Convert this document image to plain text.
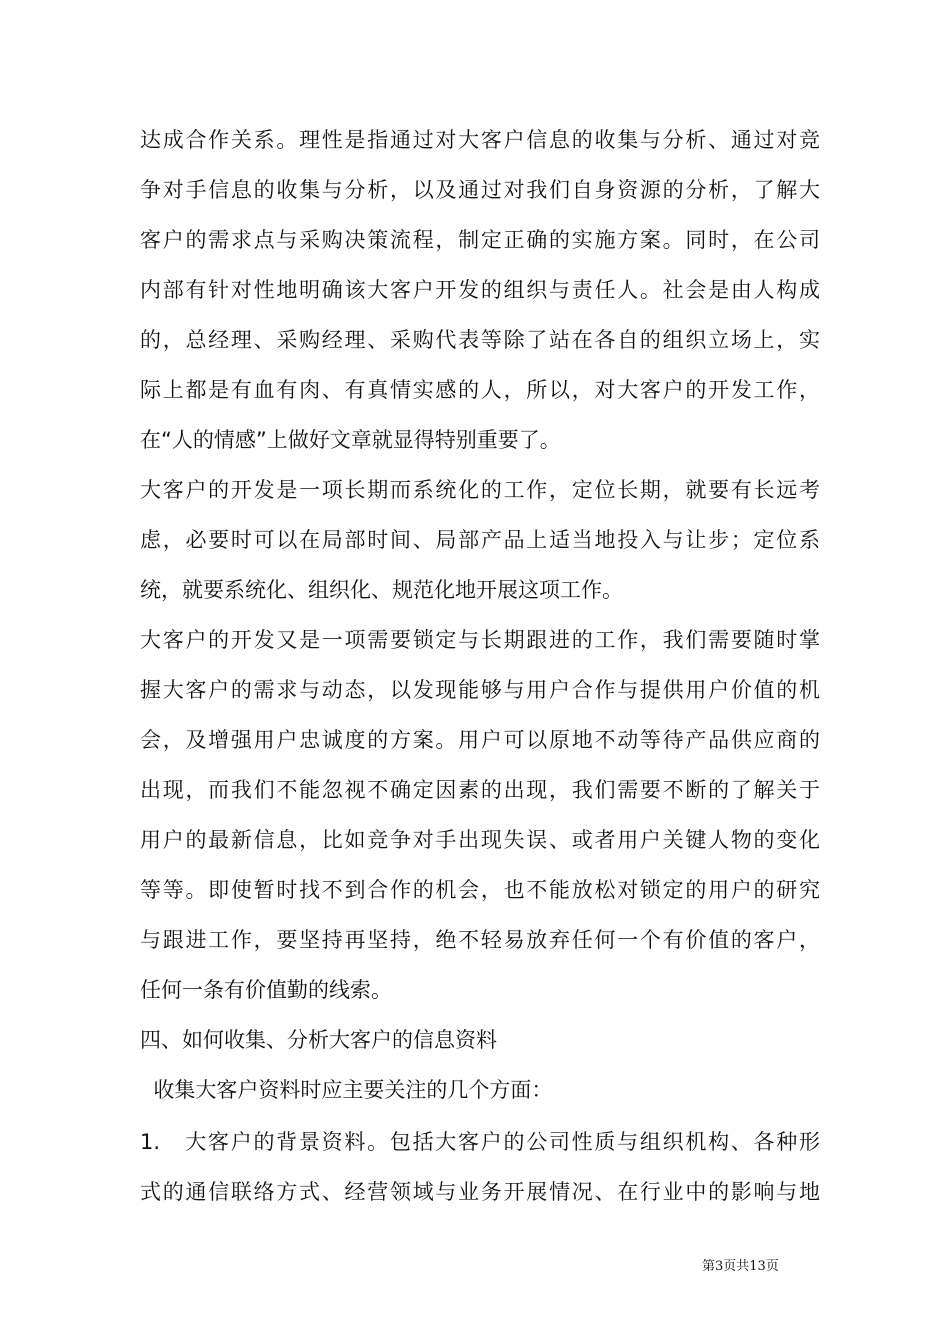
达成合作关系。理性是指通过对大客户信息的收集与分析、通过对竞
争对手信息的收集与分析，以及通过对我们自身资源的分析，了解大
客户的需求点与采购决策流程，制定正确的实施方案。同时，在公司
内部有针对性地明确该大客户开发的组织与责任人。社会是由人构成
的，总经理、采购经理、采购代表等除了站在各自的组织立场上，实
际上都是有血有肉、有真情实感的人，所以，对大客户的开发工作，
在“人的情感”上做好文章就显得特别重要了。
大客户的开发是一项长期而系统化的工作，定位长期，就要有长远考
虑，必要时可以在局部时间、局部产品上适当地投入与让步；定位系
统，就要系统化、组织化、规范化地开展这项工作。
大客户的开发又是一项需要锁定与长期跟进的工作，我们需要随时掌
握大客户的需求与动态，以发现能够与用户合作与提供用户价值的机
会，及增强用户忠诚度的方案。用户可以原地不动等待产品供应商的
出现，而我们不能忽视不确定因素的出现，我们需要不断的了解关于
用户的最新信息，比如竞争对手出现失误、或者用户关键人物的变化
等等。即使暂时找不到合作的机会，也不能放松对锁定的用户的研究
与跟进工作，要坚持再坚持，绝不轻易放弃任何一个有价值的客户，
任何一条有价值勤的线索。
四、如何收集、分析大客户的信息资料
收集大客户资料时应主要关注的几个方面：
1.   大客户的背景资料。包括大客户的公司性质与组织机构、各种形
式的通信联络方式、经营领域与业务开展情况、在行业中的影响与地
第3页共13页
